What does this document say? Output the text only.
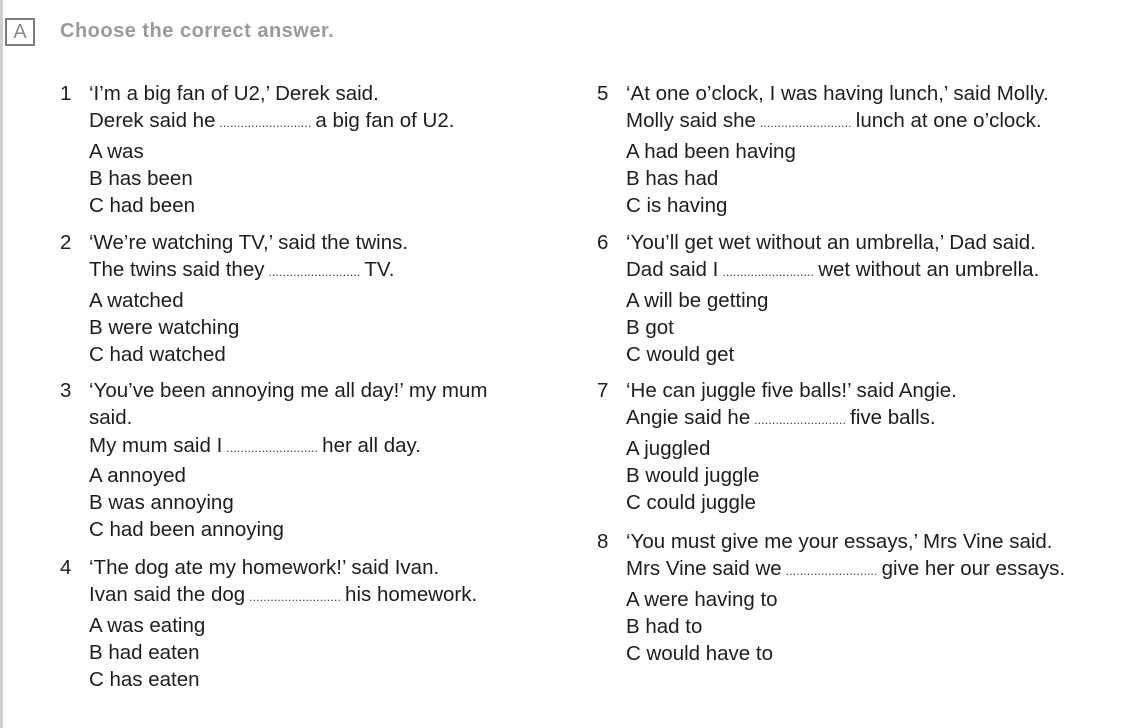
A	Choose the correct answer.
1 ‘I’m a big fan of U2,’ Derek said.
Derek said he .......................... a big fan of U2.
A was
B has been
C had been
2 ‘We’re watching TV,’ said the twins.
The twins said they .......................... TV.
A watched
B were watching
C had watched
3 ‘You’ve been annoying me all day!’ my mum said.
My mum said I .......................... her all day.
A annoyed
B was annoying
C had been annoying
4 ‘The dog ate my homework!’ said Ivan.
Ivan said the dog .......................... his homework.
A was eating
B had eaten
C has eaten
5 ‘At one o’clock, I was having lunch,’ said Molly.
Molly said she .......................... lunch at one o’clock.
A had been having
B has had
C is having
6 ‘You’ll get wet without an umbrella,’ Dad said.
Dad said I .......................... wet without an umbrella.
A will be getting
B got
C would get
7 ‘He can juggle five balls!’ said Angie.
Angie said he .......................... five balls.
A juggled
B would juggle
C could juggle
8 ‘You must give me your essays,’ Mrs Vine said.
Mrs Vine said we .......................... give her our essays.
A were having to
B had to
C would have to
